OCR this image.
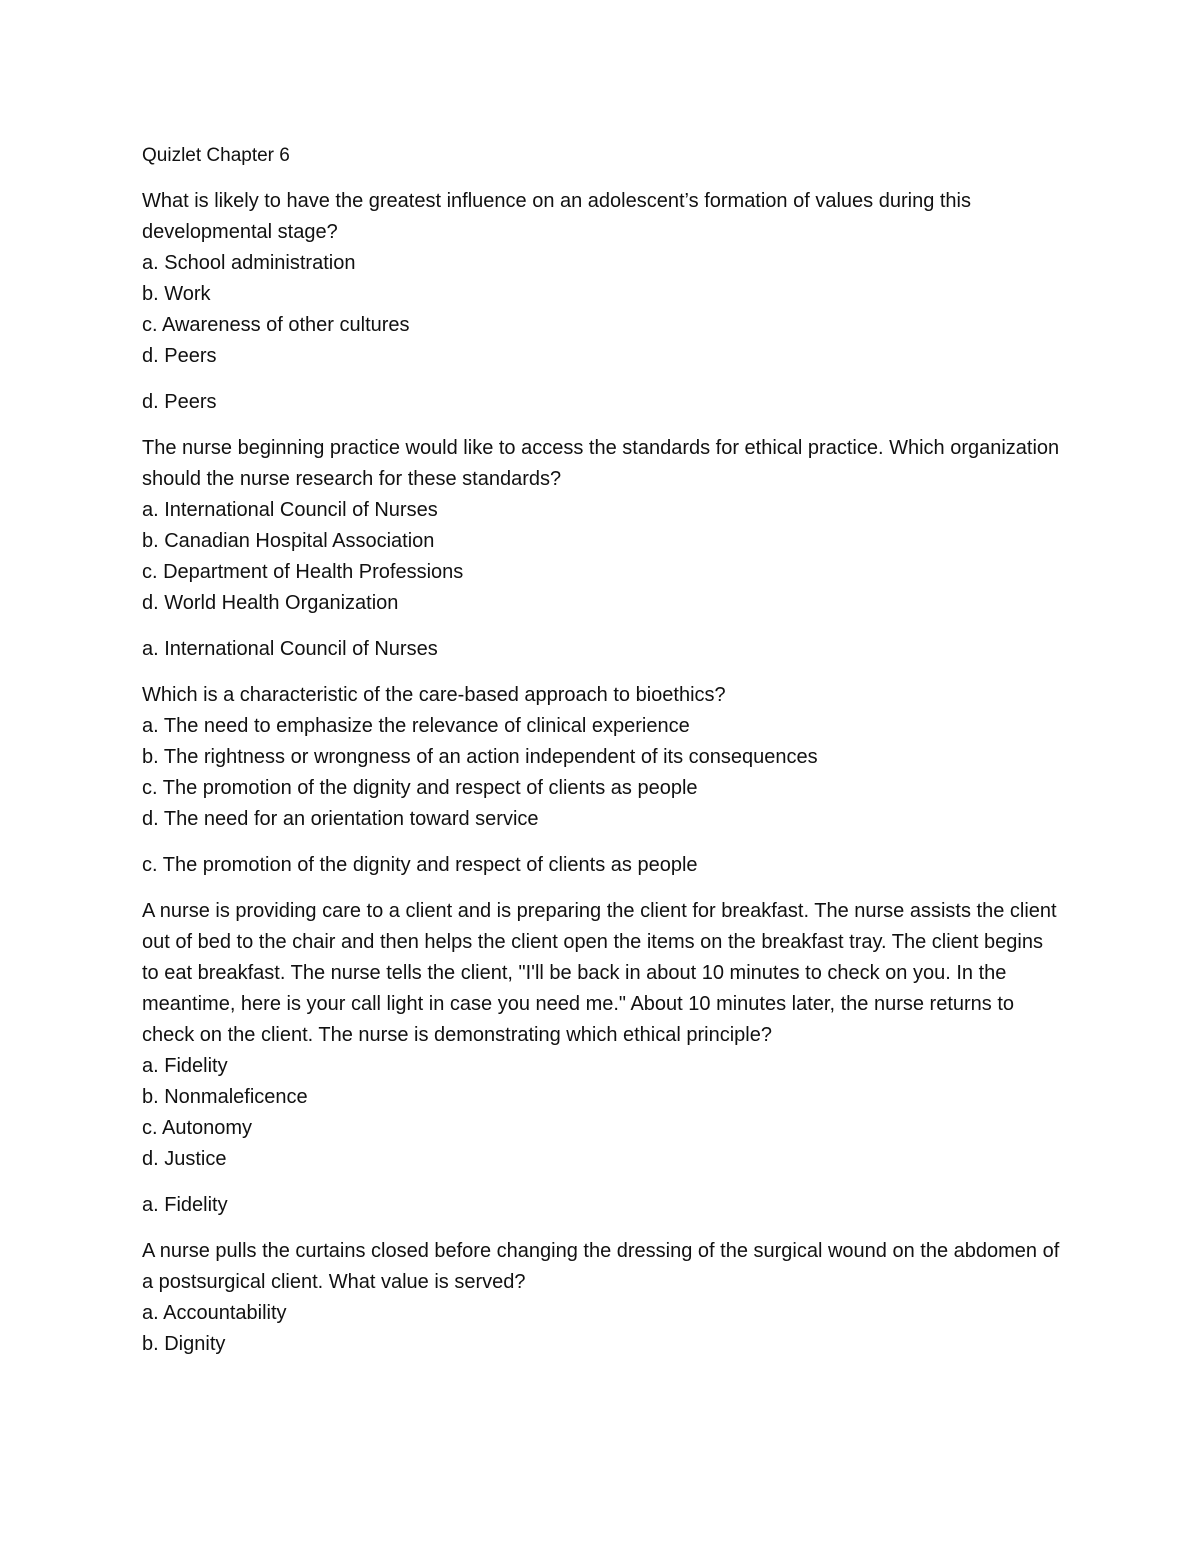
Quizlet Chapter 6

What is likely to have the greatest influence on an adolescent’s formation of values during this developmental stage?

a. School administration
b. Work
c. Awareness of other cultures
d. Peers

d. Peers

The nurse beginning practice would like to access the standards for ethical practice. Which organization should the nurse research for these standards?

a. International Council of Nurses
b. Canadian Hospital Association
c. Department of Health Professions
d. World Health Organization

a. International Council of Nurses

Which is a characteristic of the care-based approach to bioethics?

a. The need to emphasize the relevance of clinical experience
b. The rightness or wrongness of an action independent of its consequences
c. The promotion of the dignity and respect of clients as people
d. The need for an orientation toward service

c. The promotion of the dignity and respect of clients as people

A nurse is providing care to a client and is preparing the client for breakfast. The nurse assists the client out of bed to the chair and then helps the client open the items on the breakfast tray. The client begins to eat breakfast. The nurse tells the client, "I'll be back in about 10 minutes to check on you. In the meantime, here is your call light in case you need me." About 10 minutes later, the nurse returns to check on the client. The nurse is demonstrating which ethical principle?

a. Fidelity
b. Nonmaleficence
c. Autonomy
d. Justice

a. Fidelity

A nurse pulls the curtains closed before changing the dressing of the surgical wound on the abdomen of a postsurgical client. What value is served?

a. Accountability
b. Dignity
